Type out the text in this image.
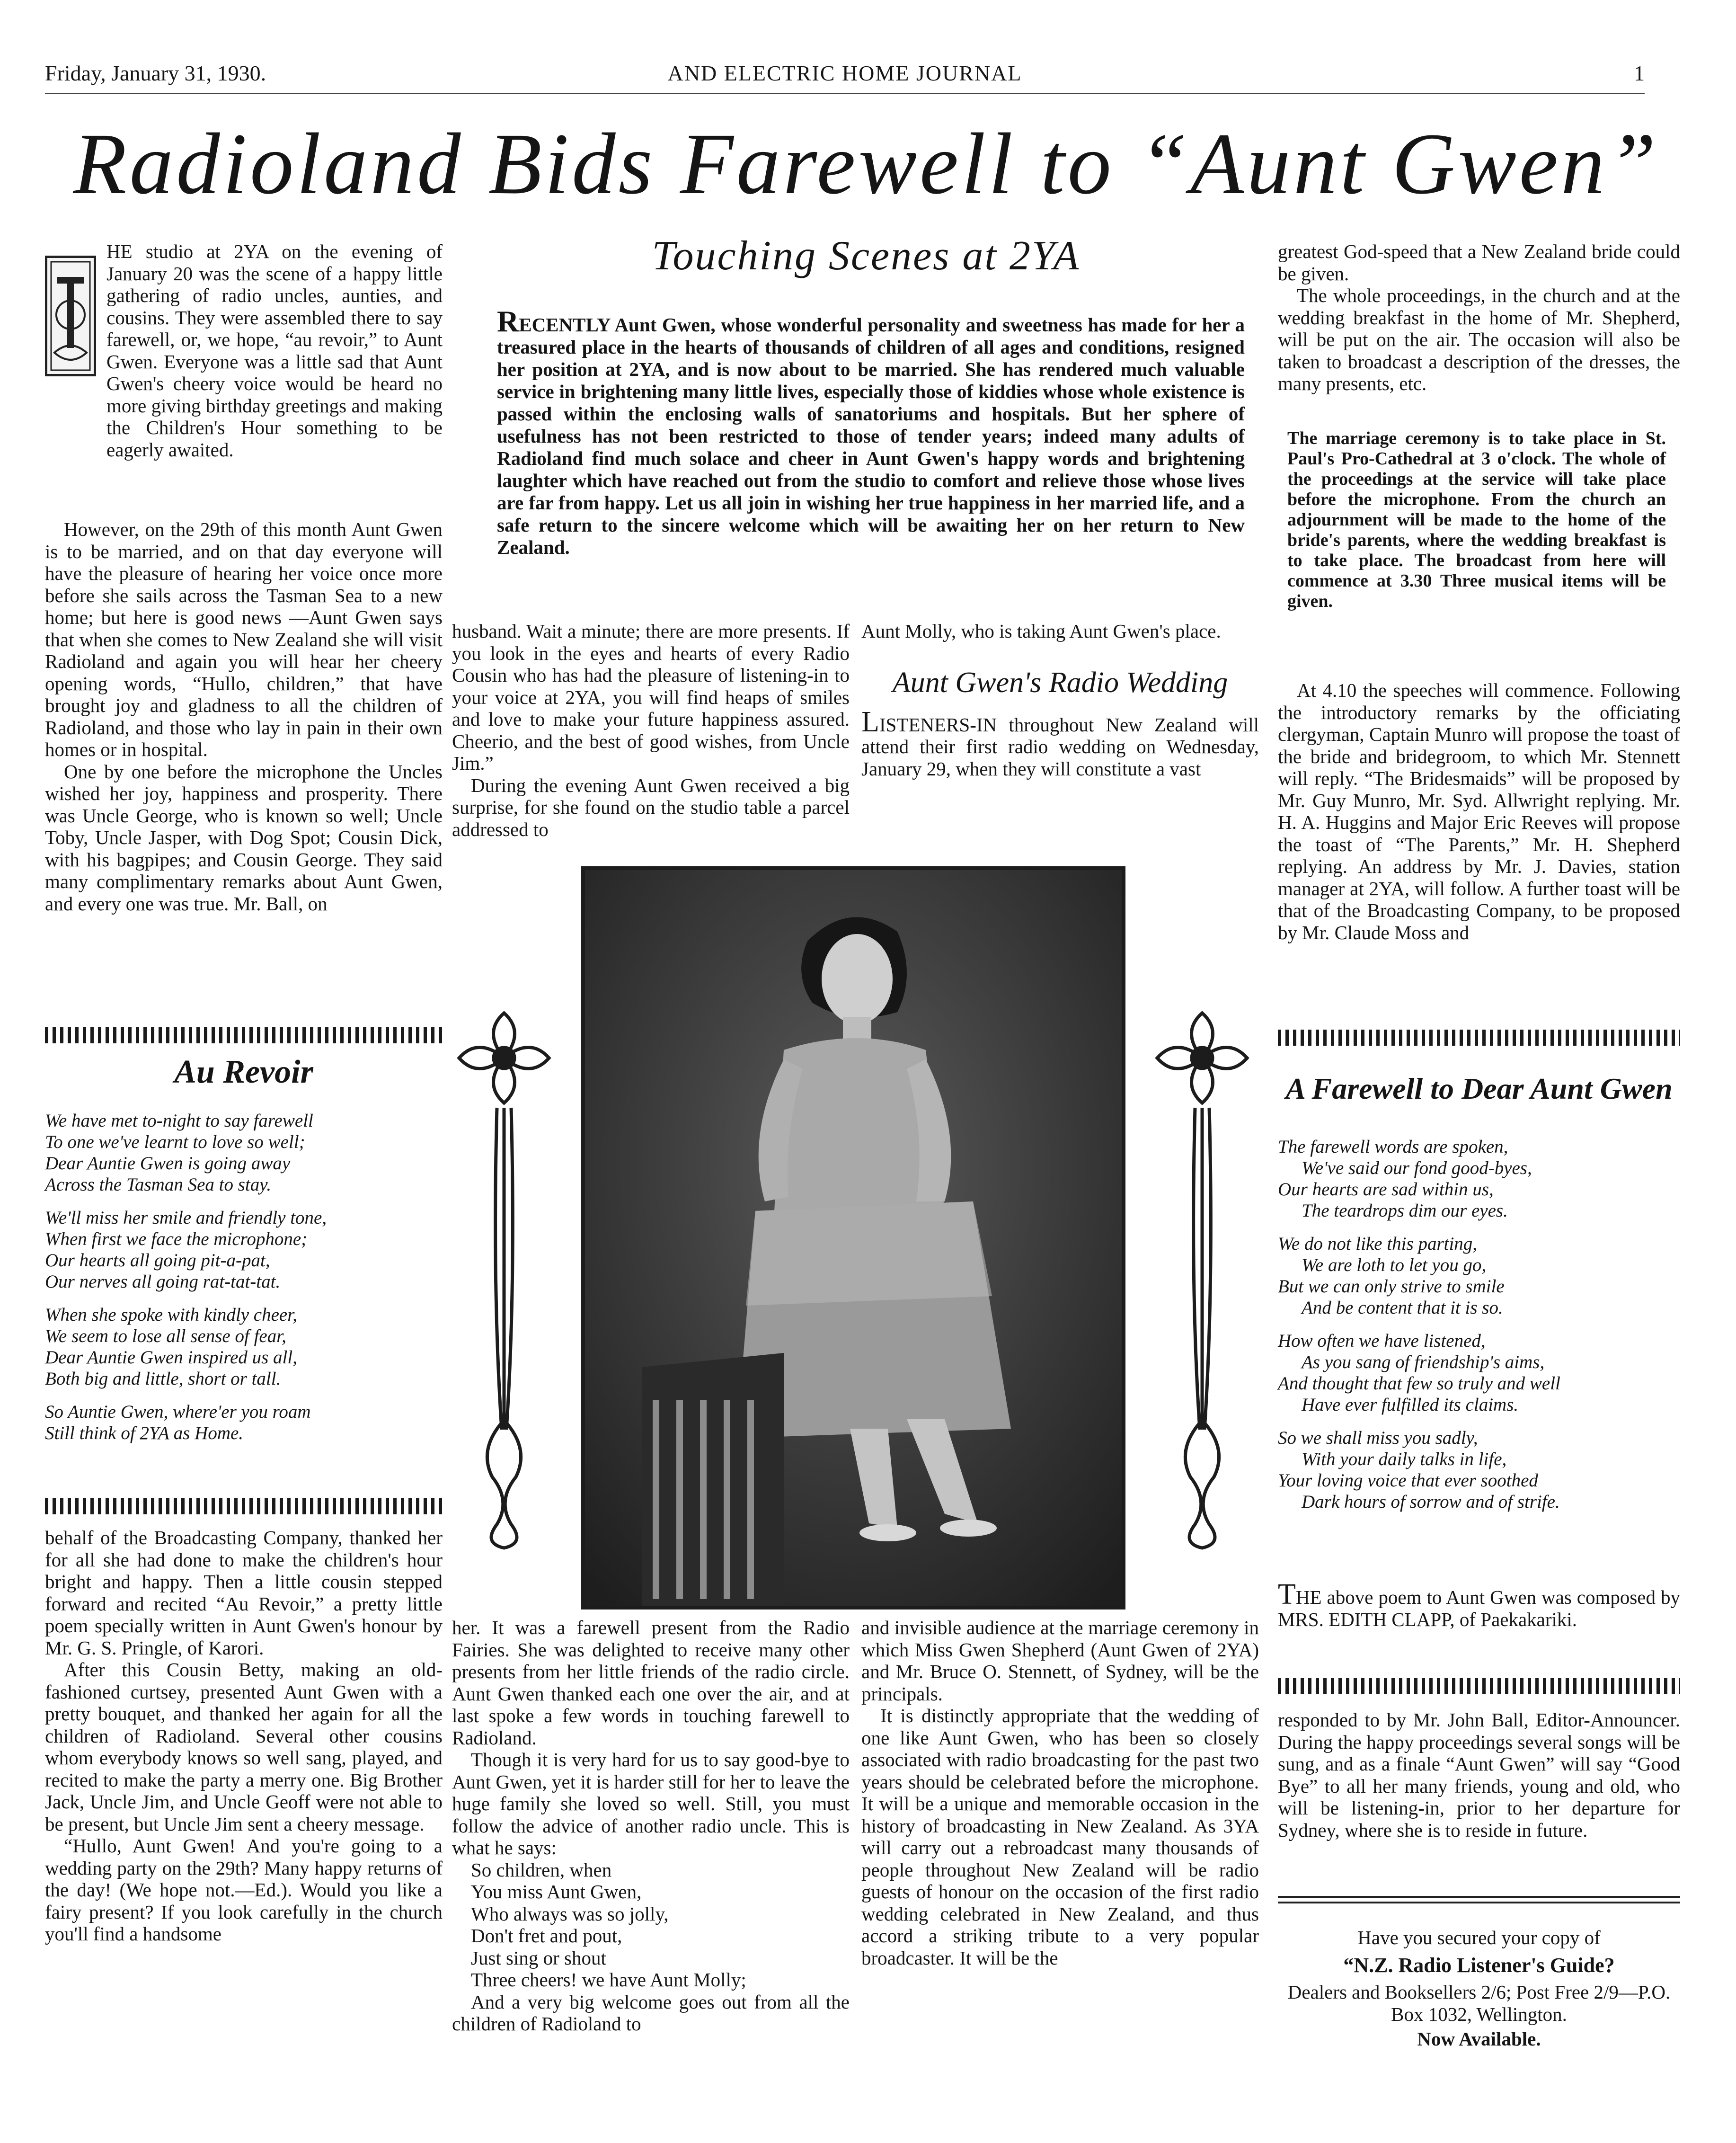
Friday, January 31, 1930.	AND ELECTRIC HOME JOURNAL	1
Radioland Bids Farewell to “Aunt Gwen”
Touching Scenes at 2YA
RECENTLY Aunt Gwen, whose wonderful personality and sweetness has made for her a treasured place in the hearts of thousands of children of all ages and conditions, resigned her position at 2YA, and is now about to be married. She has rendered much valuable service in brightening many little lives, especially those of kiddies whose whole existence is passed within the enclosing walls of sanatoriums and hospitals. But her sphere of usefulness has not been restricted to those of tender years; indeed many adults of Radioland find much solace and cheer in Aunt Gwen's happy words and brightening laughter which have reached out from the studio to comfort and relieve those whose lives are far from happy. Let us all join in wishing her true happiness in her married life, and a safe return to the sincere welcome which will be awaiting her on her return to New Zealand.

HE studio at 2YA on the evening of January 20 was the scene of a happy little gathering of radio uncles, aunties, and cousins. They were assembled there to say farewell, or, we hope, “au revoir,” to Aunt Gwen. Everyone was a little sad that Aunt Gwen's cheery voice would be heard no more giving birthday greetings and making the Children's Hour something to be eagerly awaited.

However, on the 29th of this month Aunt Gwen is to be married, and on that day everyone will have the pleasure of hearing her voice once more before she sails across the Tasman Sea to a new home; but here is good news —Aunt Gwen says that when she comes to New Zealand she will visit Radioland and again you will hear her cheery opening words, “Hullo, children,” that have brought joy and gladness to all the children of Radioland, and those who lay in pain in their own homes or in hospital.

One by one before the microphone the Uncles wished her joy, happiness and prosperity. There was Uncle George, who is known so well; Uncle Toby, Uncle Jasper, with Dog Spot; Cousin Dick, with his bagpipes; and Cousin George. They said many complimentary remarks about Aunt Gwen, and every one was true. Mr. Ball, on

Au Revoir
We have met to-night to say farewell
To one we've learnt to love so well;
Dear Auntie Gwen is going away
Across the Tasman Sea to stay.
We'll miss her smile and friendly tone,
When first we face the microphone;
Our hearts all going pit-a-pat,
Our nerves all going rat-tat-tat.
When she spoke with kindly cheer,
We seem to lose all sense of fear,
Dear Auntie Gwen inspired us all,
Both big and little, short or tall.
So Auntie Gwen, where'er you roam
Still think of 2YA as Home.

behalf of the Broadcasting Company, thanked her for all she had done to make the children's hour bright and happy. Then a little cousin stepped forward and recited “Au Revoir,” a pretty little poem specially written in Aunt Gwen's honour by Mr. G. S. Pringle, of Karori.

After this Cousin Betty, making an old-fashioned curtsey, presented Aunt Gwen with a pretty bouquet, and thanked her again for all the children of Radioland. Several other cousins whom everybody knows so well sang, played, and recited to make the party a merry one. Big Brother Jack, Uncle Jim, and Uncle Geoff were not able to be present, but Uncle Jim sent a cheery message.

“Hullo, Aunt Gwen! And you're going to a wedding party on the 29th? Many happy returns of the day! (We hope not.—Ed.). Would you like a fairy present? If you look carefully in the church you'll find a handsome

husband. Wait a minute; there are more presents. If you look in the eyes and hearts of every Radio Cousin who has had the pleasure of listening-in to your voice at 2YA, you will find heaps of smiles and love to make your future happiness assured. Cheerio, and the best of good wishes, from Uncle Jim.”

During the evening Aunt Gwen received a big surprise, for she found on the studio table a parcel addressed to

Aunt Molly, who is taking Aunt Gwen's place.

Aunt Gwen's Radio Wedding

LISTENERS-IN throughout New Zealand will attend their first radio wedding on Wednesday, January 29, when they will constitute a vast

her. It was a farewell present from the Radio Fairies. She was delighted to receive many other presents from her little friends of the radio circle. Aunt Gwen thanked each one over the air, and at last spoke a few words in touching farewell to Radioland.

Though it is very hard for us to say good-bye to Aunt Gwen, yet it is harder still for her to leave the huge family she loved so well. Still, you must follow the advice of another radio uncle. This is what he says:

So children, when
You miss Aunt Gwen,
Who always was so jolly,
Don't fret and pout,
Just sing or shout
Three cheers! we have Aunt Molly;

And a very big welcome goes out from all the children of Radioland to

and invisible audience at the marriage ceremony in which Miss Gwen Shepherd (Aunt Gwen of 2YA) and Mr. Bruce O. Stennett, of Sydney, will be the principals.

It is distinctly appropriate that the wedding of one like Aunt Gwen, who has been so closely associated with radio broadcasting for the past two years should be celebrated before the microphone. It will be a unique and memorable occasion in the history of broadcasting in New Zealand. As 3YA will carry out a rebroadcast many thousands of people throughout New Zealand will be radio guests of honour on the occasion of the first radio wedding celebrated in New Zealand, and thus accord a striking tribute to a very popular broadcaster. It will be the

greatest God-speed that a New Zealand bride could be given.

The whole proceedings, in the church and at the wedding breakfast in the home of Mr. Shepherd, will be put on the air. The occasion will also be taken to broadcast a description of the dresses, the many presents, etc.

The marriage ceremony is to take place in St. Paul's Pro-Cathedral at 3 o'clock. The whole of the proceedings at the service will take place before the microphone. From the church an adjournment will be made to the home of the bride's parents, where the wedding breakfast is to take place. The broadcast from here will commence at 3.30 Three musical items will be given.

At 4.10 the speeches will commence. Following the introductory remarks by the officiating clergyman, Captain Munro will propose the toast of the bride and bridegroom, to which Mr. Stennett will reply. “The Bridesmaids” will be proposed by Mr. Guy Munro, Mr. Syd. Allwright replying. Mr. H. A. Huggins and Major Eric Reeves will propose the toast of “The Parents,” Mr. H. Shepherd replying. An address by Mr. J. Davies, station manager at 2YA, will follow. A further toast will be that of the Broadcasting Company, to be proposed by Mr. Claude Moss and

A Farewell to Dear Aunt Gwen
The farewell words are spoken,
We've said our fond good-byes,
Our hearts are sad within us,
The teardrops dim our eyes.
We do not like this parting,
We are loth to let you go,
But we can only strive to smile
And be content that it is so.
How often we have listened,
As you sang of friendship's aims,
And thought that few so truly and well
Have ever fulfilled its claims.
So we shall miss you sadly,
With your daily talks in life,
Your loving voice that ever soothed
Dark hours of sorrow and of strife.

THE above poem to Aunt Gwen was composed by MRS. EDITH CLAPP, of Paekakariki.

responded to by Mr. John Ball, Editor-Announcer. During the happy proceedings several songs will be sung, and as a finale “Aunt Gwen” will say “Good Bye” to all her many friends, young and old, who will be listening-in, prior to her departure for Sydney, where she is to reside in future.

Have you secured your copy of
“N.Z. Radio Listener's Guide?
Dealers and Booksellers 2/6; Post Free 2/9—P.O. Box 1032, Wellington.
Now Available.
